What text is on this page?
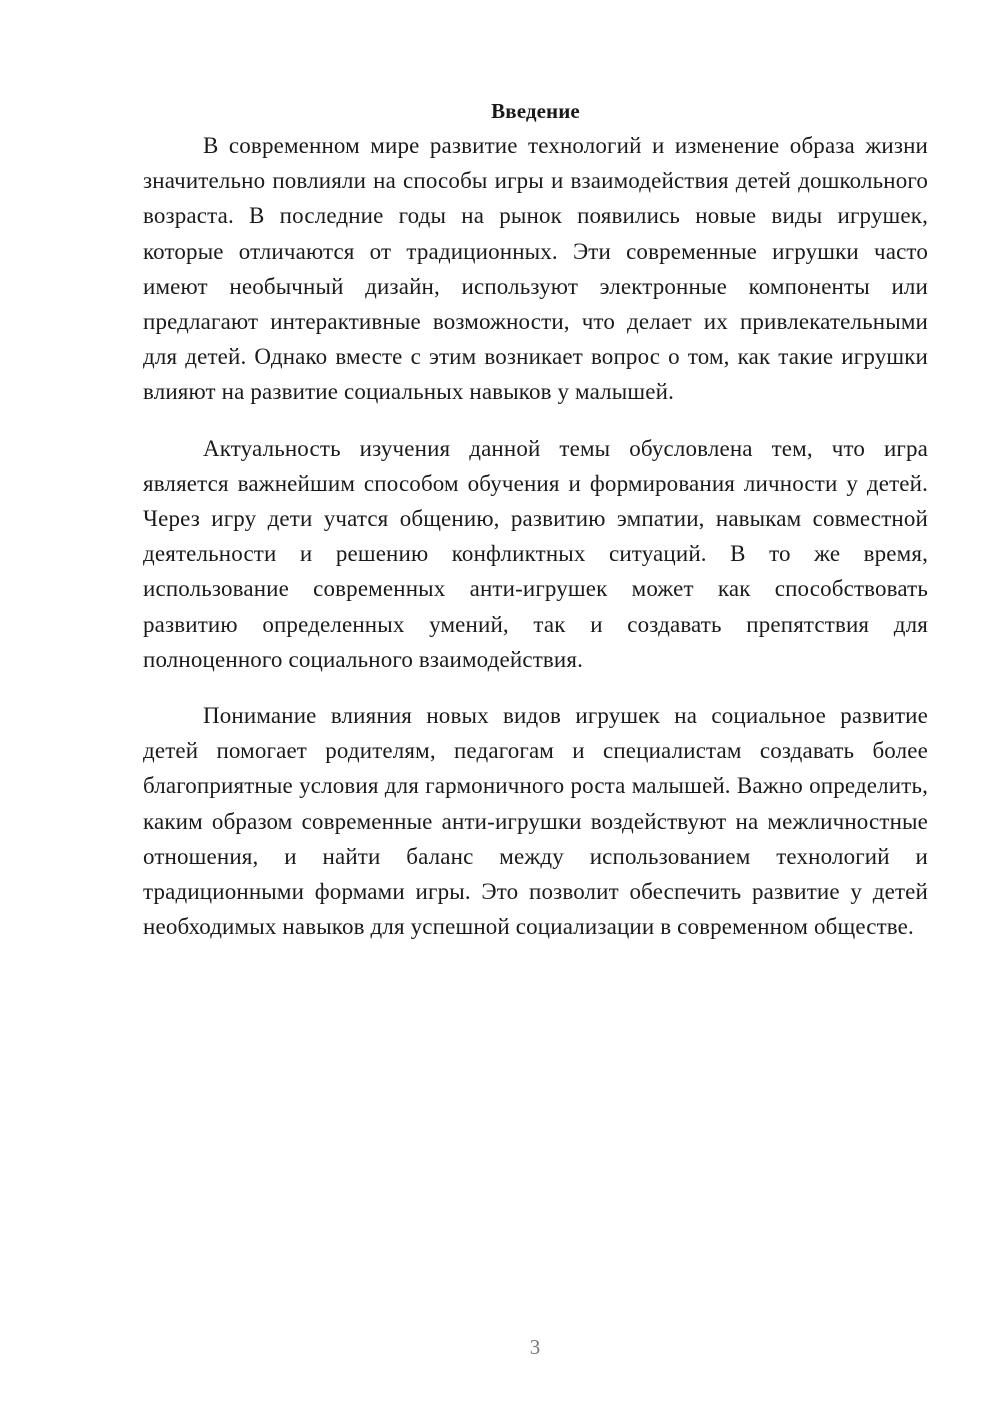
Введение

В современном мире развитие технологий и изменение образа жизни значительно повлияли на способы игры и взаимодействия детей дошкольного возраста. В последние годы на рынок появились новые виды игрушек, которые отличаются от традиционных. Эти современные игрушки часто имеют необычный дизайн, используют электронные компоненты или предлагают интерактивные возможности, что делает их привлекательными для детей. Однако вместе с этим возникает вопрос о том, как такие игрушки влияют на развитие социальных навыков у малышей.

Актуальность изучения данной темы обусловлена тем, что игра является важнейшим способом обучения и формирования личности у детей. Через игру дети учатся общению, развитию эмпатии, навыкам совместной деятельности и решению конфликтных ситуаций. В то же время, использование современных анти-игрушек может как способствовать развитию определенных умений, так и создавать препятствия для полноценного социального взаимодействия.

Понимание влияния новых видов игрушек на социальное развитие детей помогает родителям, педагогам и специалистам создавать более благоприятные условия для гармоничного роста малышей. Важно определить, каким образом современные анти-игрушки воздействуют на межличностные отношения, и найти баланс между использованием технологий и традиционными формами игры. Это позволит обеспечить развитие у детей необходимых навыков для успешной социализации в современном обществе.

3
